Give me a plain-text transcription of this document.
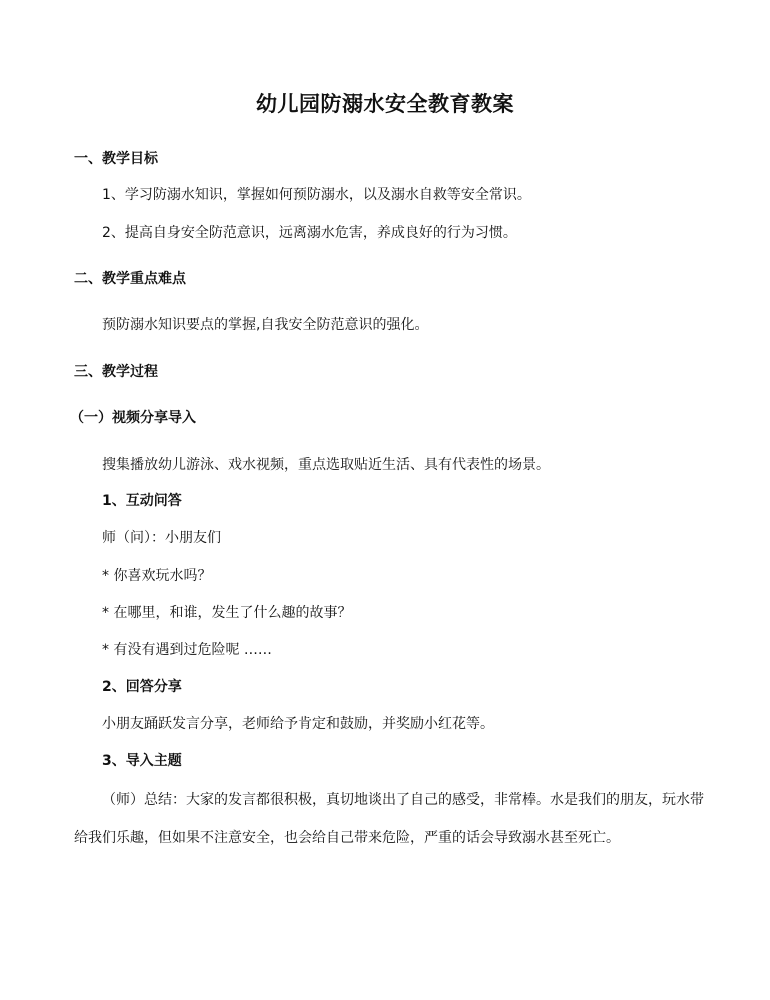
幼儿园防溺水安全教育教案
一、教学目标
1、学习防溺水知识，掌握如何预防溺水，以及溺水自救等安全常识。
2、提高自身安全防范意识，远离溺水危害，养成良好的行为习惯。
二、教学重点难点
预防溺水知识要点的掌握,自我安全防范意识的强化。
三、教学过程
（一）视频分享导入
搜集播放幼儿游泳、戏水视频，重点选取贴近生活、具有代表性的场景。
1、互动问答
师（问）：小朋友们
* 你喜欢玩水吗？
* 在哪里，和谁，发生了什么趣的故事？
* 有没有遇到过危险呢 ……
2、回答分享
小朋友踊跃发言分享，老师给予肯定和鼓励，并奖励小红花等。
3、导入主题
（师）总结：大家的发言都很积极，真切地谈出了自己的感受，非常棒。水是我们的朋友，玩水带给我们乐趣，但如果不注意安全，也会给自己带来危险，严重的话会导致溺水甚至死亡。
